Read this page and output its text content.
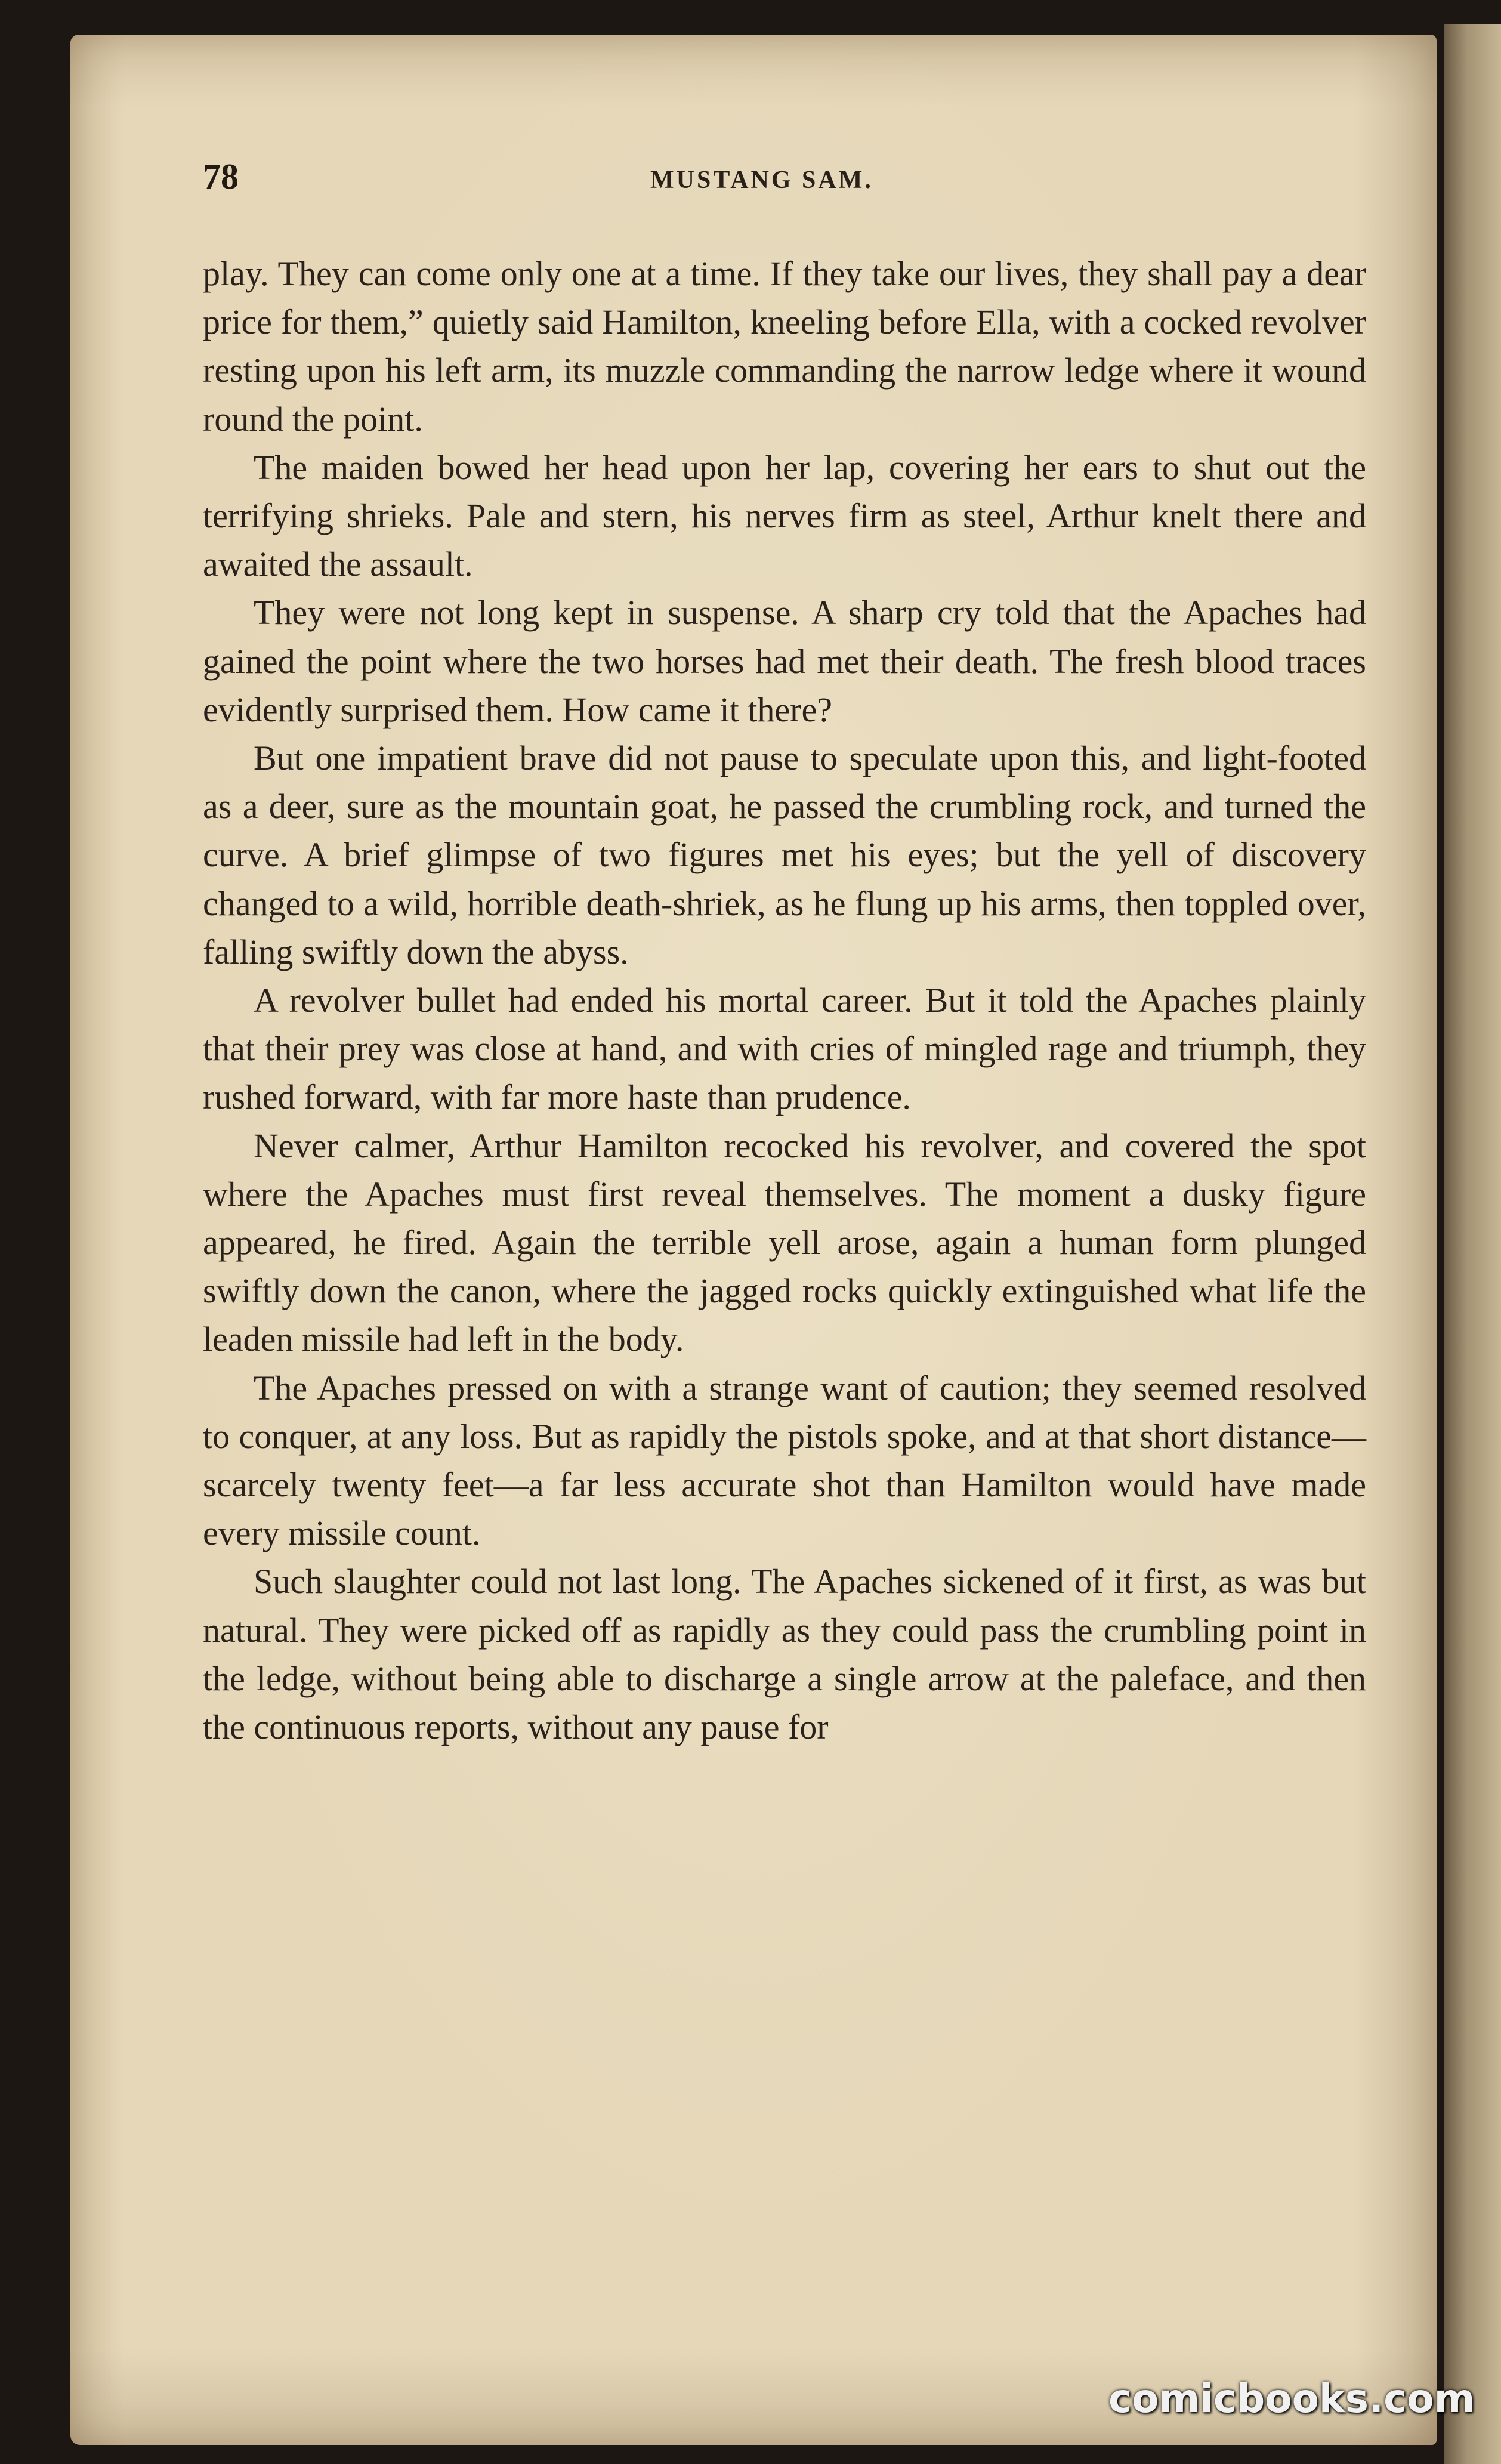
78	MUSTANG SAM.

play. They can come only one at a time. If they take our lives, they shall pay a dear price for them,” quietly said Hamilton, kneeling before Ella, with a cocked revolver resting upon his left arm, its muzzle commanding the narrow ledge where it wound round the point.

The maiden bowed her head upon her lap, covering her ears to shut out the terrifying shrieks. Pale and stern, his nerves firm as steel, Arthur knelt there and awaited the assault.

They were not long kept in suspense. A sharp cry told that the Apaches had gained the point where the two horses had met their death. The fresh blood traces evidently surprised them. How came it there?

But one impatient brave did not pause to speculate upon this, and light-footed as a deer, sure as the mountain goat, he passed the crumbling rock, and turned the curve. A brief glimpse of two figures met his eyes; but the yell of discovery changed to a wild, horrible death-shriek, as he flung up his arms, then toppled over, falling swiftly down the abyss.

A revolver bullet had ended his mortal career. But it told the Apaches plainly that their prey was close at hand, and with cries of mingled rage and triumph, they rushed forward, with far more haste than prudence.

Never calmer, Arthur Hamilton recocked his revolver, and covered the spot where the Apaches must first reveal themselves. The moment a dusky figure appeared, he fired. Again the terrible yell arose, again a human form plunged swiftly down the canon, where the jagged rocks quickly extinguished what life the leaden missile had left in the body.

The Apaches pressed on with a strange want of caution; they seemed resolved to conquer, at any loss. But as rapidly the pistols spoke, and at that short distance—scarcely twenty feet—a far less accurate shot than Hamilton would have made every missile count.

Such slaughter could not last long. The Apaches sickened of it first, as was but natural. They were picked off as rapidly as they could pass the crumbling point in the ledge, without being able to discharge a single arrow at the paleface, and then the continuous reports, without any pause for

comicbooks.com
